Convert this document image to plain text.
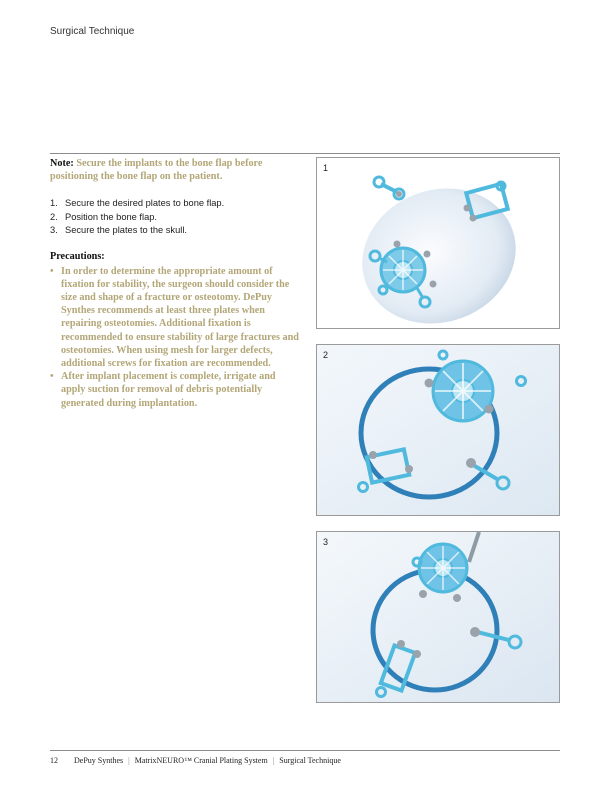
Surgical Technique

Note: Secure the implants to the bone flap before positioning the bone flap on the patient.

1. Secure the desired plates to bone flap.
2. Position the bone flap.
3. Secure the plates to the skull.
Precautions:
• In order to determine the appropriate amount of fixation for stability, the surgeon should consider the size and shape of a fracture or osteotomy. DePuy Synthes recommends at least three plates when repairing osteotomies. Additional fixation is recommended to ensure stability of large fractures and osteotomies. When using mesh for larger defects, additional screws for fixation are recommended.
• After implant placement is complete, irrigate and apply suction for removal of debris potentially generated during implantation.
1
2
3
12 DePuy Synthes | MatrixNEURO™ Cranial Plating System | Surgical Technique
